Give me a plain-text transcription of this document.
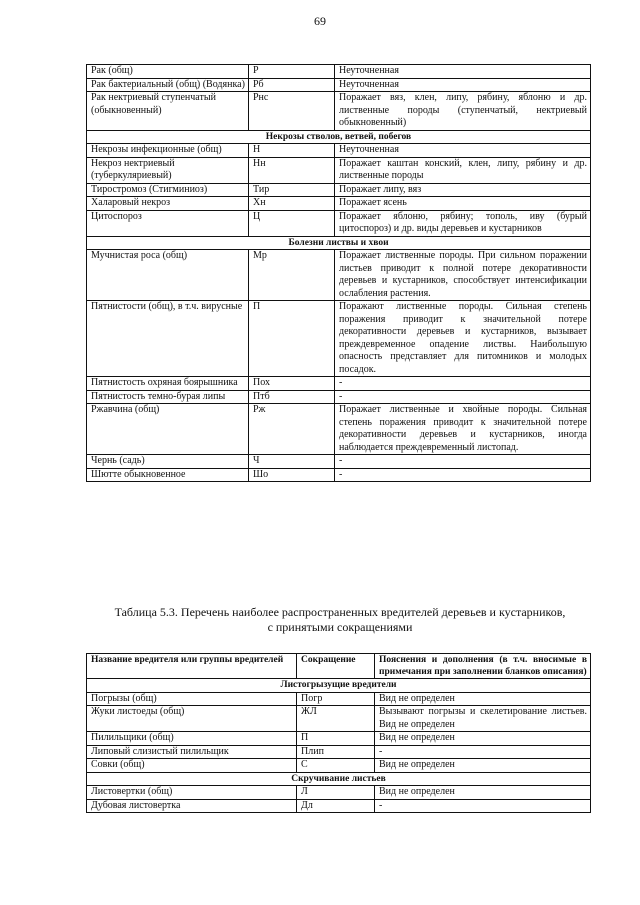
69
Рак (общ)	Р	Неуточненная
Рак бактериальный (общ) (Водянка)	Рб	Неуточненная
Рак нектриевый ступенчатый (обыкновенный)	Рнс	Поражает вяз, клен, липу, рябину, яблоню и др. лиственные породы (ступенчатый, нектриевый обыкновенный)
Некрозы стволов, ветвей, побегов		
Некрозы инфекционные (общ)	Н	Неуточненная
Некроз нектриевый (туберкуляриевый)	Нн	Поражает каштан конский, клен, липу, рябину и др. лиственные породы
Тиростромоз (Стигминиоз)	Тир	Поражает липу, вяз
Халаровый некроз	Хн	Поражает ясень
Цитоспороз	Ц	Поражает яблоню, рябину; тополь, иву (бурый цитоспороз) и др. виды деревьев и кустарников
Болезни листвы и хвои		
Мучнистая роса (общ)	Мр	Поражает лиственные породы. При сильном поражении листьев приводит к полной потере декоративности деревьев и кустарников, способствует интенсификации ослабления растения.
Пятнистости (общ), в т.ч. вирусные	П	Поражают лиственные породы. Сильная степень поражения приводит к значительной потере декоративности деревьев и кустарников, вызывает преждевременное опадение листвы. Наибольшую опасность представляет для питомников и молодых посадок.
Пятнистость охряная боярышника	Пох	-
Пятнистость темно-бурая липы	Птб	-
Ржавчина (общ)	Рж	Поражает лиственные и хвойные породы. Сильная степень поражения приводит к значительной потере декоративности деревьев и кустарников, иногда наблюдается преждевременный листопад.
Чернь (садь)	Ч	-
Шютте обыкновенное	Шо	-
Таблица 5.3. Перечень наиболее распространенных вредителей деревьев и кустарников,
с принятыми сокращениями
Название вредителя или группы вредителей	Сокращение	Пояснения и дополнения (в т.ч. вносимые в примечания при заполнении бланков описания)
Листогрызущие вредители		
Погрызы (общ)	Погр	Вид не определен
Жуки листоеды (общ)	ЖЛ	Вызывают погрызы и скелетирование листьев. Вид не определен
Пилильщики (общ)	П	Вид не определен
Липовый слизистый пилильщик	Плип	-
Совки (общ)	С	Вид не определен
Скручивание листьев		
Листовертки (общ)	Л	Вид не определен
Дубовая листовертка	Дл	-
